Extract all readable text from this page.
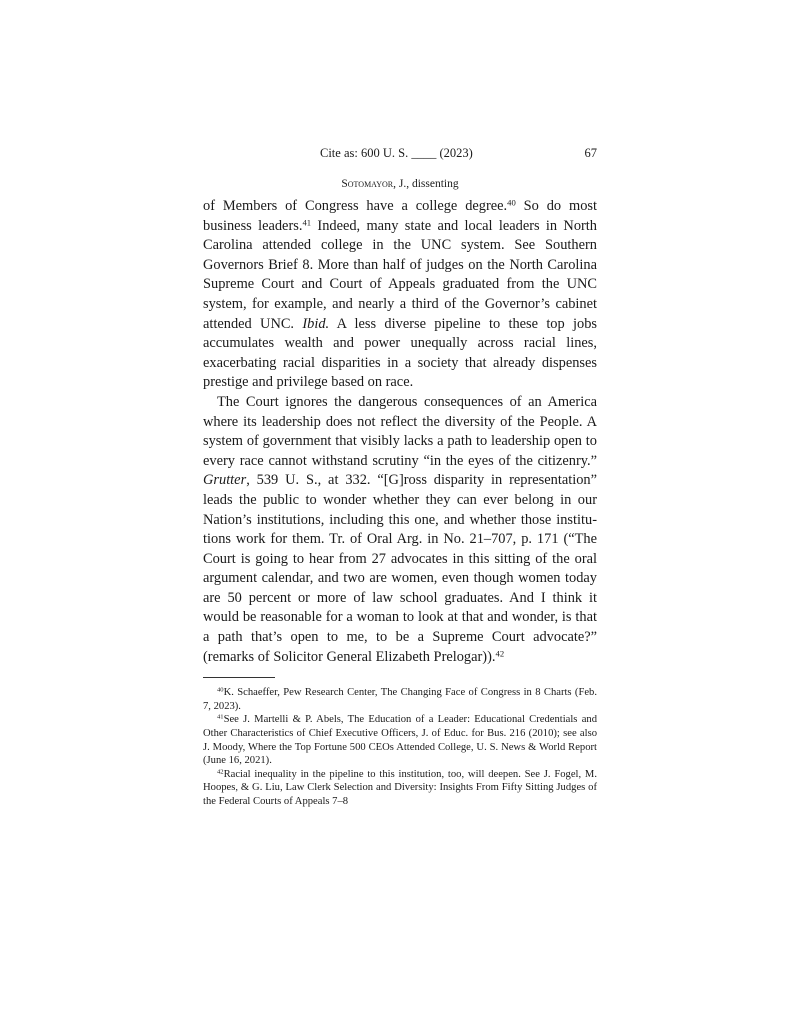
Cite as: 600 U. S. ____ (2023)	67
Sotomayor, J., dissenting

of Members of Congress have a college degree.$^{40}$ So do most business leaders.$^{41}$ Indeed, many state and local leaders in North Carolina attended college in the UNC system. See Southern Governors Brief 8. More than half of judges on the North Carolina Supreme Court and Court of Appeals graduated from the UNC system, for example, and nearly a third of the Governor’s cabinet attended UNC. Ibid. A less diverse pipeline to these top jobs accumulates wealth and power unequally across racial lines, exacerbating racial disparities in a society that already dispenses prestige and privilege based on race.

The Court ignores the dangerous consequences of an America where its leadership does not reflect the diversity of the People. A system of government that visibly lacks a path to leadership open to every race cannot withstand scrutiny “in the eyes of the citizenry.” Grutter, 539 U. S., at 332. “[G]ross disparity in representation” leads the public to wonder whether they can ever belong in our Nation’s institutions, including this one, and whether those institutions work for them. Tr. of Oral Arg. in No. 21–707, p. 171 (“The Court is going to hear from 27 advocates in this sitting of the oral argument calendar, and two are women, even though women today are 50 percent or more of law school graduates. And I think it would be reasonable for a woman to look at that and wonder, is that a path that’s open to me, to be a Supreme Court advocate?” (remarks of Solicitor General Elizabeth Prelogar)).$^{42}$

$^{40}$K. Schaeffer, Pew Research Center, The Changing Face of Congress in 8 Charts (Feb. 7, 2023).

$^{41}$See J. Martelli & P. Abels, The Education of a Leader: Educational Credentials and Other Characteristics of Chief Executive Officers, J. of Educ. for Bus. 216 (2010); see also J. Moody, Where the Top Fortune 500 CEOs Attended College, U. S. News & World Report (June 16, 2021).

$^{42}$Racial inequality in the pipeline to this institution, too, will deepen. See J. Fogel, M. Hoopes, & G. Liu, Law Clerk Selection and Diversity: Insights From Fifty Sitting Judges of the Federal Courts of Appeals 7–8
